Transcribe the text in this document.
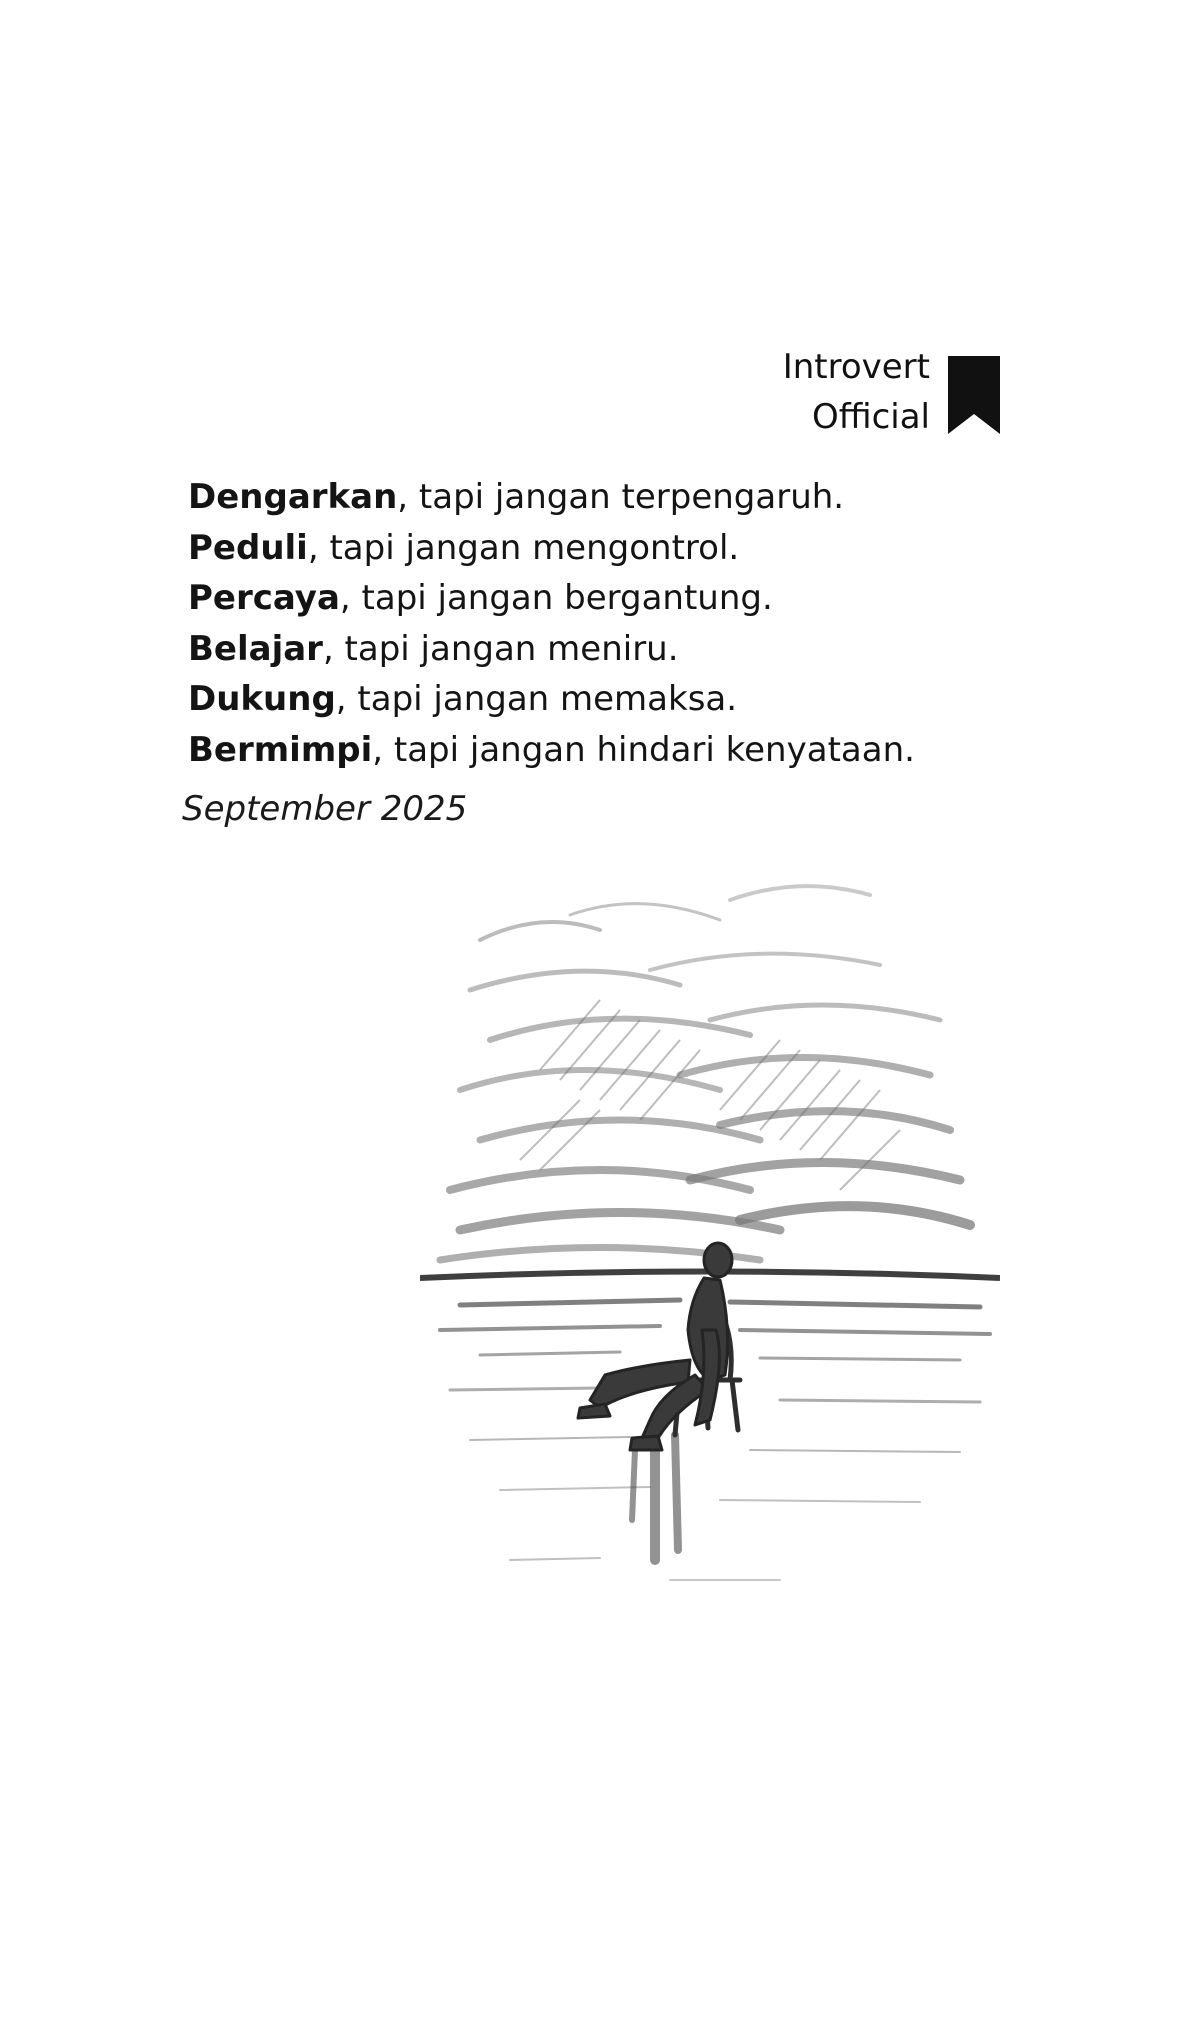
Introvert
Official
Dengarkan, tapi jangan terpengaruh.
Peduli, tapi jangan mengontrol.
Percaya, tapi jangan bergantung.
Belajar, tapi jangan meniru.
Dukung, tapi jangan memaksa.
Bermimpi, tapi jangan hindari kenyataan.
September 2025
